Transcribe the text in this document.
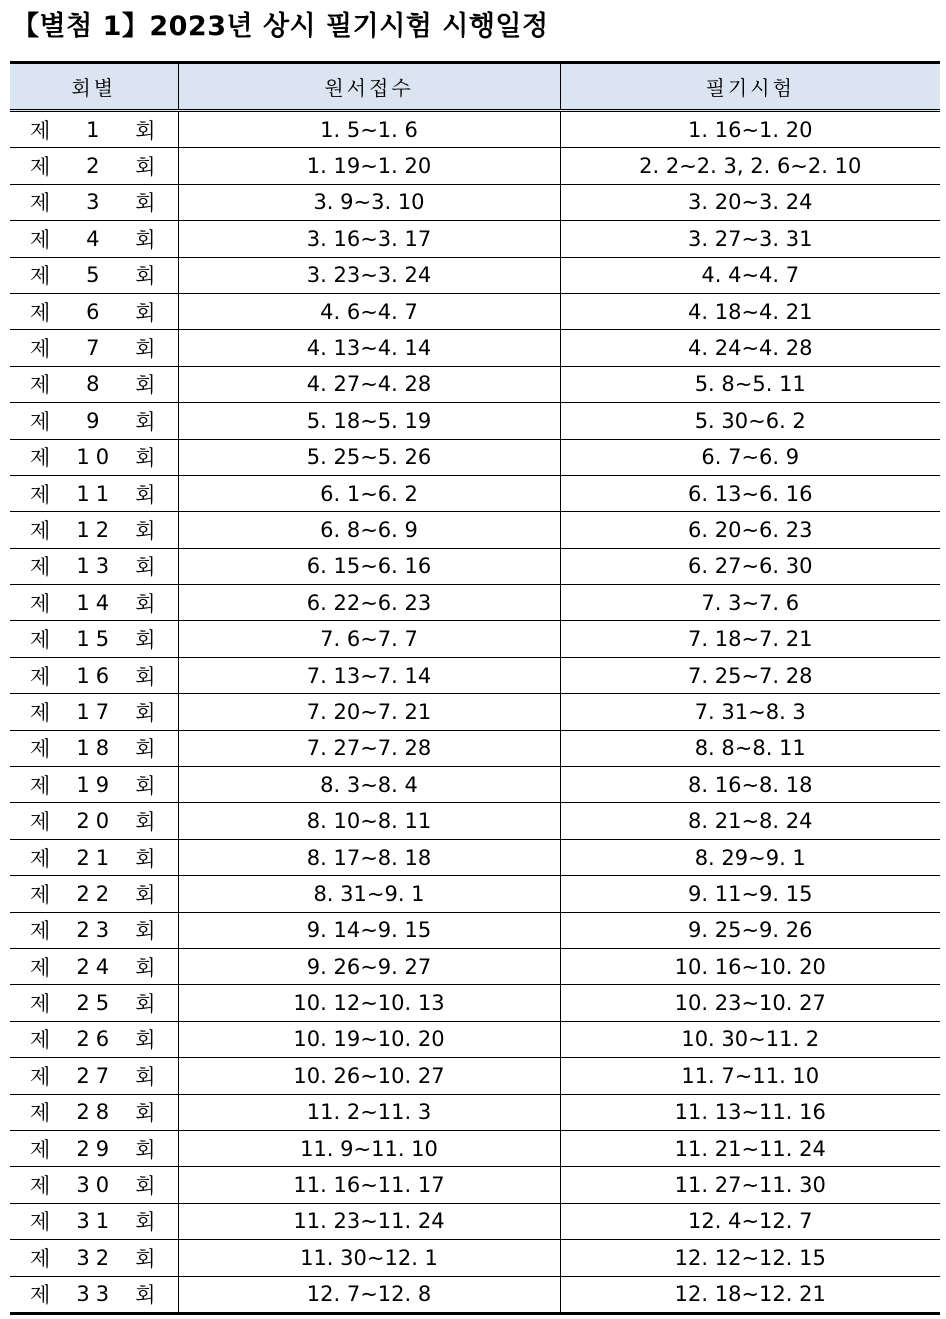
【별첨 1】2023년 상시 필기시험 시행일정
회별	원서접수	필기시험

제 1 회	1. 5∼1. 6	1. 16∼1. 20

제 2 회	1. 19∼1. 20	2. 2∼2. 3, 2. 6∼2. 10

제 3 회	3. 9∼3. 10	3. 20∼3. 24

제 4 회	3. 16∼3. 17	3. 27∼3. 31

제 5 회	3. 23∼3. 24	4. 4∼4. 7

제 6 회	4. 6∼4. 7	4. 18∼4. 21

제 7 회	4. 13∼4. 14	4. 24∼4. 28

제 8 회	4. 27∼4. 28	5. 8∼5. 11

제 9 회	5. 18∼5. 19	5. 30∼6. 2

제 10 회	5. 25∼5. 26	6. 7∼6. 9

제 11 회	6. 1∼6. 2	6. 13∼6. 16

제 12 회	6. 8∼6. 9	6. 20∼6. 23

제 13 회	6. 15∼6. 16	6. 27∼6. 30

제 14 회	6. 22∼6. 23	7. 3∼7. 6

제 15 회	7. 6∼7. 7	7. 18∼7. 21

제 16 회	7. 13∼7. 14	7. 25∼7. 28

제 17 회	7. 20∼7. 21	7. 31∼8. 3

제 18 회	7. 27∼7. 28	8. 8∼8. 11

제 19 회	8. 3∼8. 4	8. 16∼8. 18

제 20 회	8. 10∼8. 11	8. 21∼8. 24

제 21 회	8. 17∼8. 18	8. 29∼9. 1

제 22 회	8. 31∼9. 1	9. 11∼9. 15

제 23 회	9. 14∼9. 15	9. 25∼9. 26

제 24 회	9. 26∼9. 27	10. 16∼10. 20

제 25 회	10. 12∼10. 13	10. 23∼10. 27

제 26 회	10. 19∼10. 20	10. 30∼11. 2

제 27 회	10. 26∼10. 27	11. 7∼11. 10

제 28 회	11. 2∼11. 3	11. 13∼11. 16

제 29 회	11. 9∼11. 10	11. 21∼11. 24

제 30 회	11. 16∼11. 17	11. 27∼11. 30

제 31 회	11. 23∼11. 24	12. 4∼12. 7

제 32 회	11. 30∼12. 1	12. 12∼12. 15

제 33 회	12. 7∼12. 8	12. 18∼12. 21
